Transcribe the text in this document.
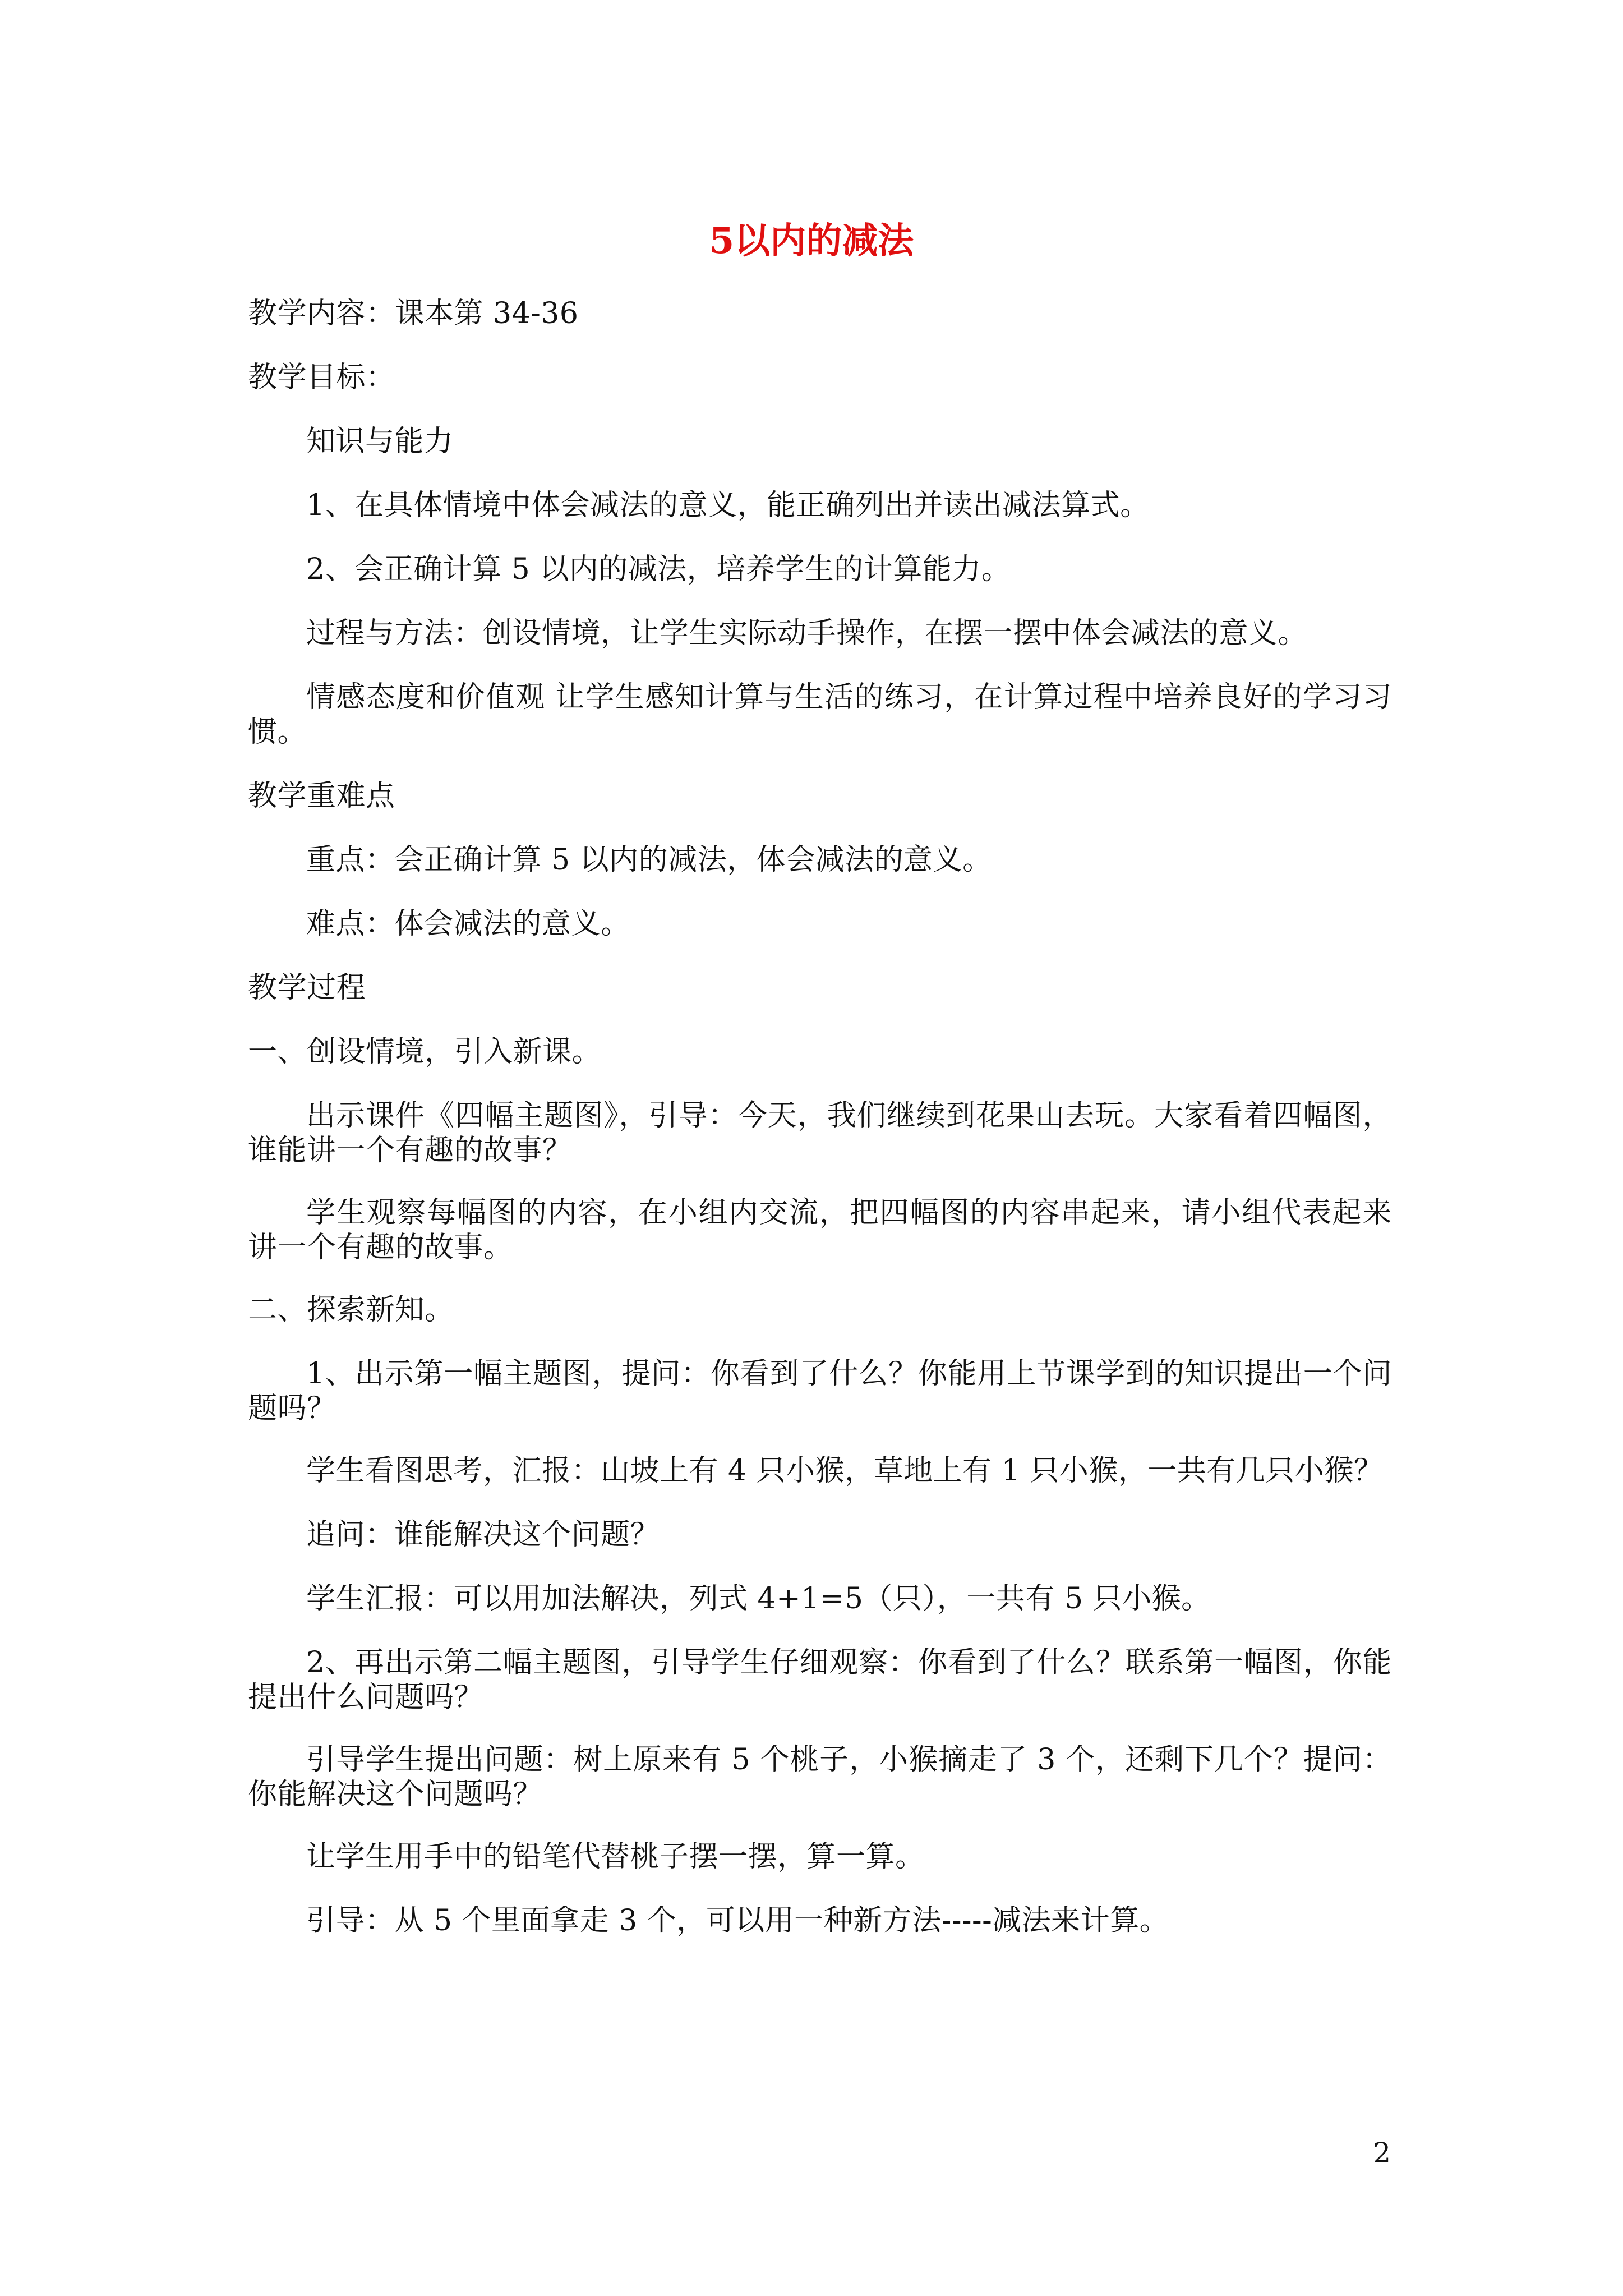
5以内的减法

教学内容：课本第 34-36

教学目标：

知识与能力

1、在具体情境中体会减法的意义，能正确列出并读出减法算式。

2、会正确计算 5 以内的减法，培养学生的计算能力。

过程与方法：创设情境，让学生实际动手操作，在摆一摆中体会减法的意义。

情感态度和价值观 让学生感知计算与生活的练习，在计算过程中培养良好的学习习惯。

教学重难点

重点：会正确计算 5 以内的减法，体会减法的意义。

难点：体会减法的意义。

教学过程

一、创设情境，引入新课。

出示课件《四幅主题图》，引导：今天，我们继续到花果山去玩。大家看着四幅图，谁能讲一个有趣的故事？

学生观察每幅图的内容，在小组内交流，把四幅图的内容串起来，请小组代表起来讲一个有趣的故事。

二、探索新知。

1、出示第一幅主题图，提问：你看到了什么？你能用上节课学到的知识提出一个问题吗？

学生看图思考，汇报：山坡上有 4 只小猴，草地上有 1 只小猴，一共有几只小猴？

追问：谁能解决这个问题？

学生汇报：可以用加法解决，列式 4+1=5（只），一共有 5 只小猴。

2、再出示第二幅主题图，引导学生仔细观察：你看到了什么？联系第一幅图，你能提出什么问题吗？

引导学生提出问题：树上原来有 5 个桃子，小猴摘走了 3 个，还剩下几个？提问：你能解决这个问题吗？

让学生用手中的铅笔代替桃子摆一摆，算一算。

引导：从 5 个里面拿走 3 个，可以用一种新方法-----减法来计算。

2
